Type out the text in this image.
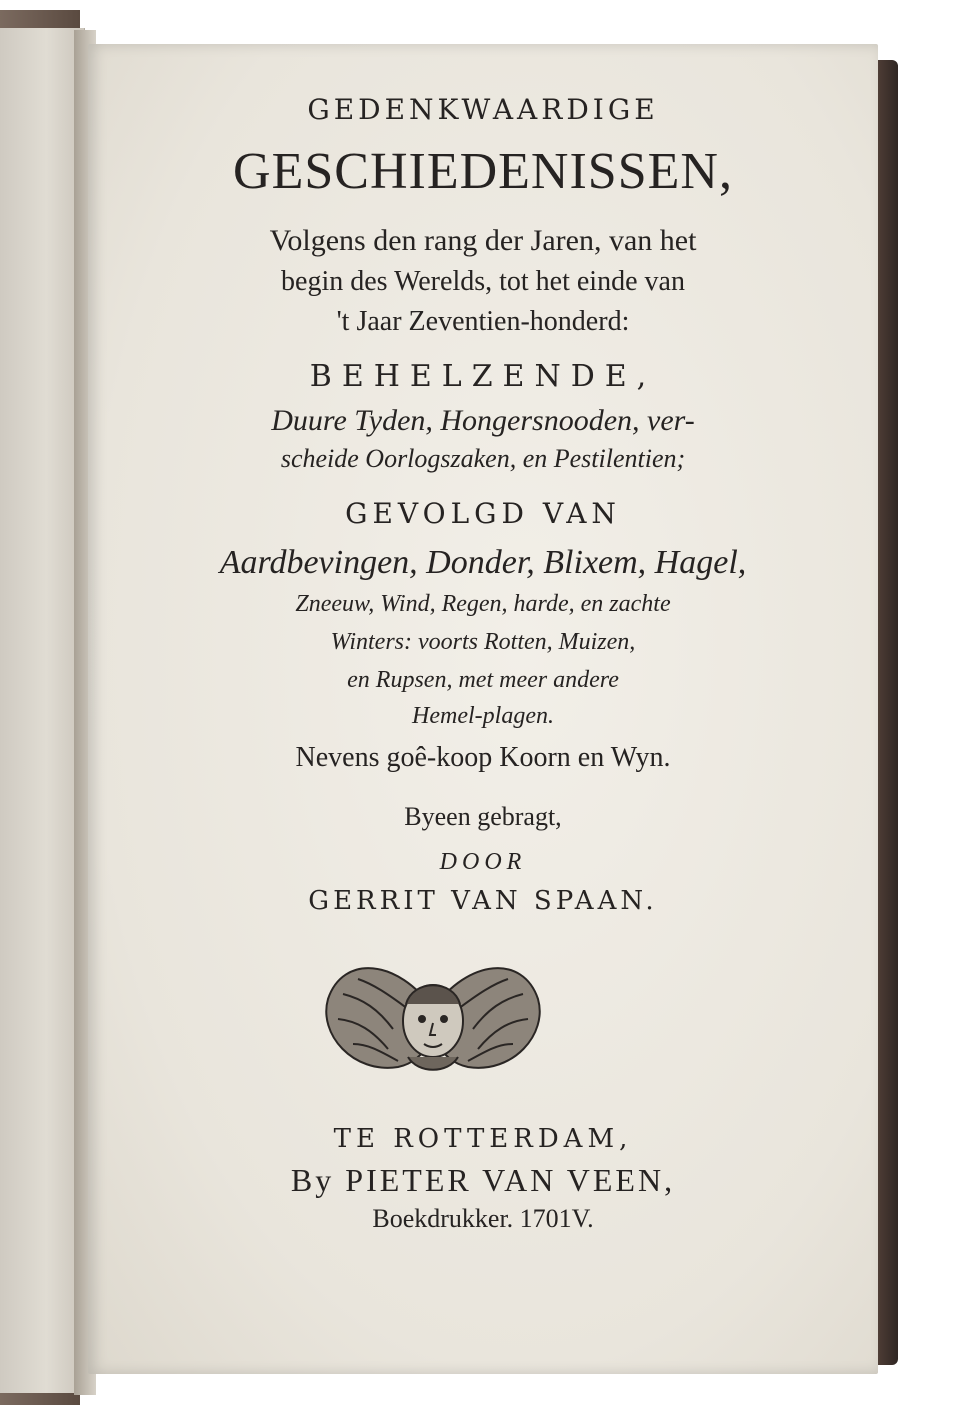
GEDENKWAARDIGE
GESCHIEDENISSEN,
Volgens den rang der Jaren, van het
begin des Werelds, tot het einde van
't Jaar Zeventien-honderd:
BEHELZENDE,
Duure Tyden, Hongersnooden, ver-
scheide Oorlogszaken, en Pestilentien;
GEVOLGD VAN
Aardbevingen, Donder, Blixem, Hagel,
Zneeuw, Wind, Regen, harde, en zachte
Winters: voorts Rotten, Muizen,
en Rupsen, met meer andere
Hemel-plagen.
Nevens goê-koop Koorn en Wyn.
Byeen gebragt,
DOOR
GERRIT VAN SPAAN.
TE ROTTERDAM,
By PIETER VAN VEEN,
Boekdrukker. 1701V.
